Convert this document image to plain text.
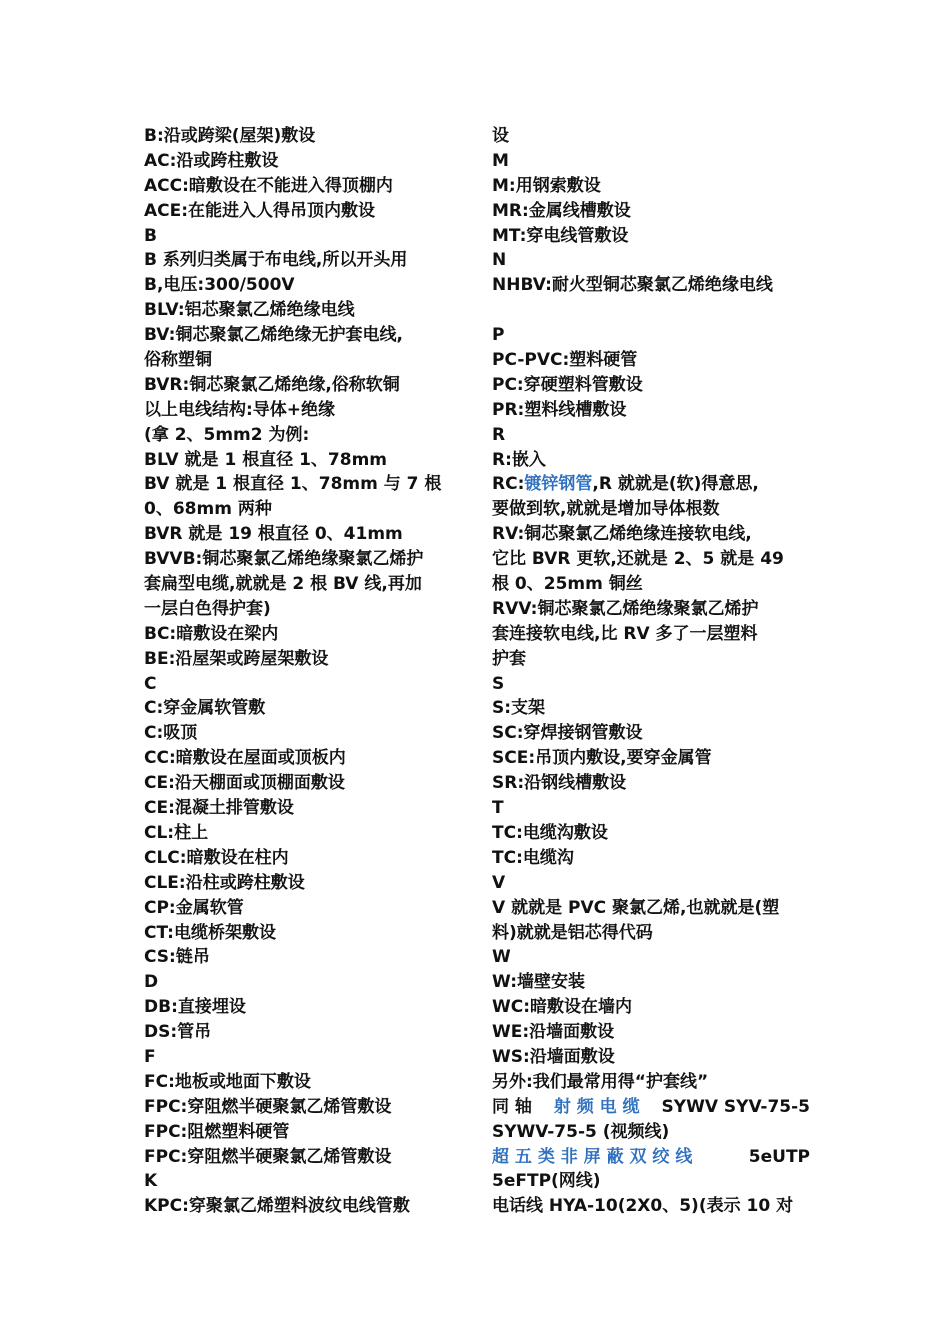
B:沿或跨梁(屋架)敷设
AC:沿或跨柱敷设
ACC:暗敷设在不能进入得顶棚内
ACE:在能进入人得吊顶内敷设
B
B 系列归类属于布电线,所以开头用
B,电压:300/500V
BLV:铝芯聚氯乙烯绝缘电线
BV:铜芯聚氯乙烯绝缘无护套电线,
俗称塑铜
BVR:铜芯聚氯乙烯绝缘,俗称软铜
以上电线结构:导体+绝缘
(拿 2、5mm2 为例:
BLV 就是 1 根直径 1、78mm
BV 就是 1 根直径 1、78mm 与 7 根
0、68mm 两种
BVR 就是 19 根直径 0、41mm
BVVB:铜芯聚氯乙烯绝缘聚氯乙烯护
套扁型电缆,就就是 2 根 BV 线,再加
一层白色得护套)
BC:暗敷设在梁内
BE:沿屋架或跨屋架敷设
C
C:穿金属软管敷
C:吸顶
CC:暗敷设在屋面或顶板内
CE:沿天棚面或顶棚面敷设
CE:混凝土排管敷设
CL:柱上
CLC:暗敷设在柱内
CLE:沿柱或跨柱敷设
CP:金属软管
CT:电缆桥架敷设
CS:链吊
D
DB:直接埋设
DS:管吊
F
FC:地板或地面下敷设
FPC:穿阻燃半硬聚氯乙烯管敷设
FPC:阻燃塑料硬管
FPC:穿阻燃半硬聚氯乙烯管敷设
K
KPC:穿聚氯乙烯塑料波纹电线管敷
设
M
M:用钢索敷设
MR:金属线槽敷设
MT:穿电线管敷设
N
NHBV:耐火型铜芯聚氯乙烯绝缘电线
P
PC-PVC:塑料硬管
PC:穿硬塑料管敷设
PR:塑料线槽敷设
R
R:嵌入
RC:镀锌钢管,R 就就是(软)得意思,
要做到软,就就是增加导体根数
RV:铜芯聚氯乙烯绝缘连接软电线,
它比 BVR 更软,还就是 2、5 就是 49
根 0、25mm 铜丝
RVV:铜芯聚氯乙烯绝缘聚氯乙烯护
套连接软电线,比 RV 多了一层塑料
护套
S
S:支架
SC:穿焊接钢管敷设
SCE:吊顶内敷设,要穿金属管
SR:沿钢线槽敷设
T
TC:电缆沟敷设
TC:电缆沟
V
V 就就是 PVC 聚氯乙烯,也就就是(塑
料)就就是铝芯得代码
W
W:墙壁安装
WC:暗敷设在墙内
WE:沿墙面敷设
WS:沿墙面敷设
另外:我们最常用得“护套线”
同 轴 射 频 电 缆 SYWV SYV-75-5
SYWV-75-5 (视频线)
超 五 类 非 屏 蔽 双 绞 线	5eUTP
5eFTP(网线)
电话线 HYA-10(2X0、5)(表示 10 对
